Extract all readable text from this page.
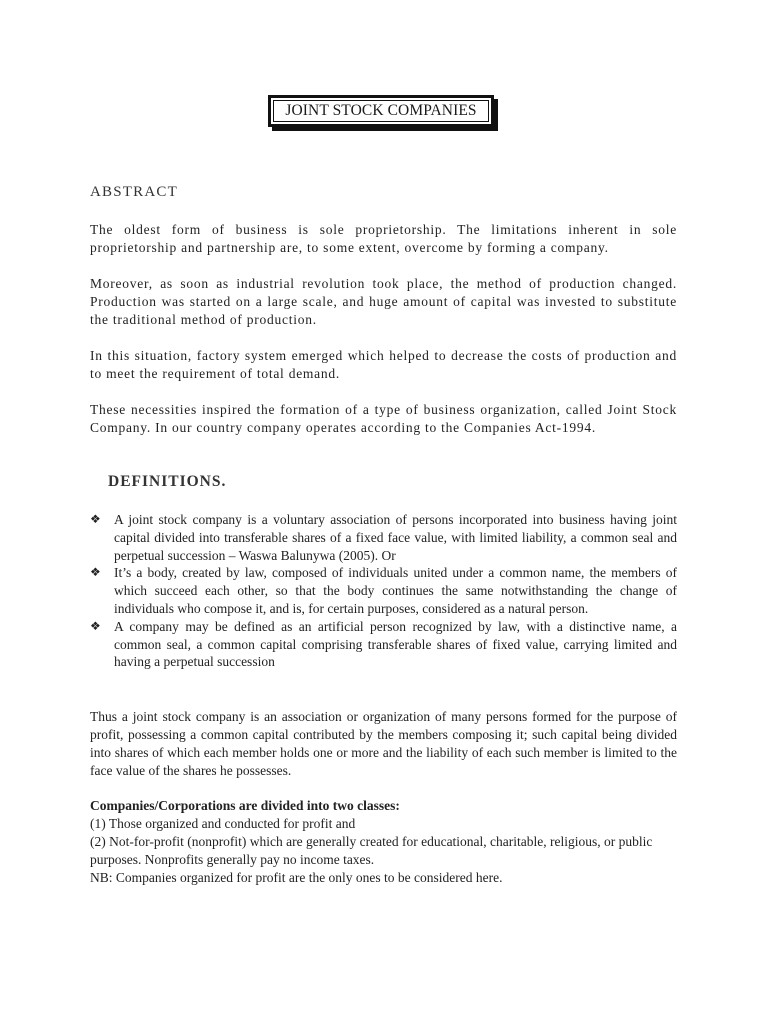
JOINT STOCK COMPANIES
ABSTRACT
The oldest form of business is sole proprietorship. The limitations inherent in sole proprietorship and partnership are, to some extent, overcome by forming a company.
Moreover, as soon as industrial revolution took place, the method of production changed. Production was started on a large scale, and huge amount of capital was invested to substitute the traditional method of production.
In this situation, factory system emerged which helped to decrease the costs of production and to meet the requirement of total demand.
These necessities inspired the formation of a type of business organization, called Joint Stock Company. In our country company operates according to the Companies Act-1994.
DEFINITIONS.
❖ A joint stock company is a voluntary association of persons incorporated into business having joint capital divided into transferable shares of a fixed face value, with limited liability, a common seal and perpetual succession – Waswa Balunywa (2005). Or
❖ It’s a body, created by law, composed of individuals united under a common name, the members of which succeed each other, so that the body continues the same notwithstanding the change of individuals who compose it, and is, for certain purposes, considered as a natural person.
❖ A company may be defined as an artificial person recognized by law, with a distinctive name, a common seal, a common capital comprising transferable shares of fixed value, carrying limited and having a perpetual succession
Thus a joint stock company is an association or organization of many persons formed for the purpose of profit, possessing a common capital contributed by the members composing it; such capital being divided into shares of which each member holds one or more and the liability of each such member is limited to the face value of the shares he possesses.
Companies/Corporations are divided into two classes:
(1) Those organized and conducted for profit and
(2) Not-for-profit (nonprofit) which are generally created for educational, charitable, religious, or public purposes. Nonprofits generally pay no income taxes.
NB: Companies organized for profit are the only ones to be considered here.
